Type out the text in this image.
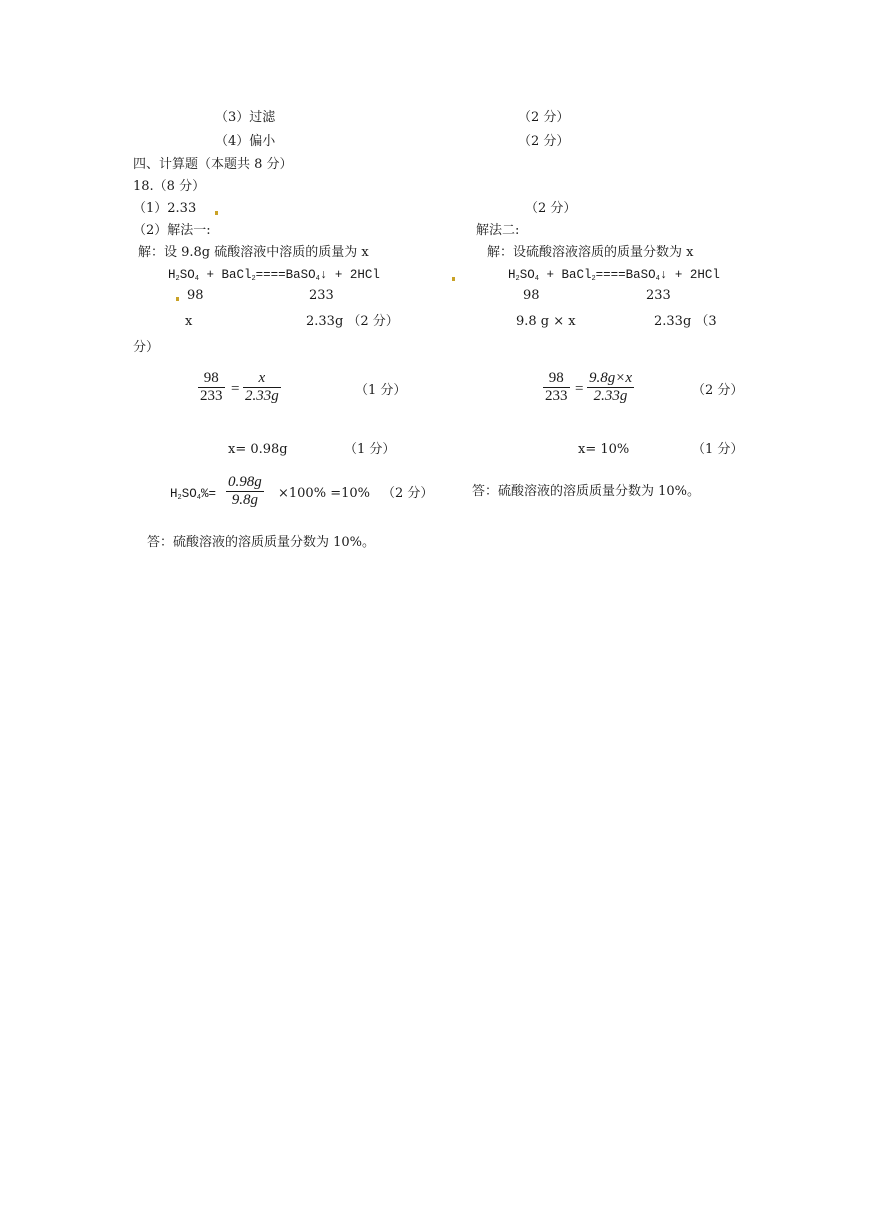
（3）过滤	（2 分）
（4）偏小	（2 分）
四、计算题（本题共 8 分）
18.（8 分）
（1）2.33	（2 分）
（2）解法一:	解法二:
解：设 9.8g 硫酸溶液中溶质的质量为 x
$H_2SO_4$ + BaCl$_2$====BaSO$_4$↓ + 2HCl
98	233
x	2.33g （2 分）
分）
98
233 =
x
2.33g	（1 分）
x= 0.98g	（1 分）
$H_2SO_4\%=$
0.98g
9.8g ×100% =10% （2 分）
答：硫酸溶液的溶质质量分数为 10%。
解：设硫酸溶液溶质的质量分数为 x
$H_2SO_4$ + BaCl$_2$====BaSO$_4$↓ + 2HCl
98	233
9.8 g × x	2.33g （3
98
233 =
9.8g×x
2.33g	（2 分）
x= 10%	（1 分）
答：硫酸溶液的溶质质量分数为 10%。
